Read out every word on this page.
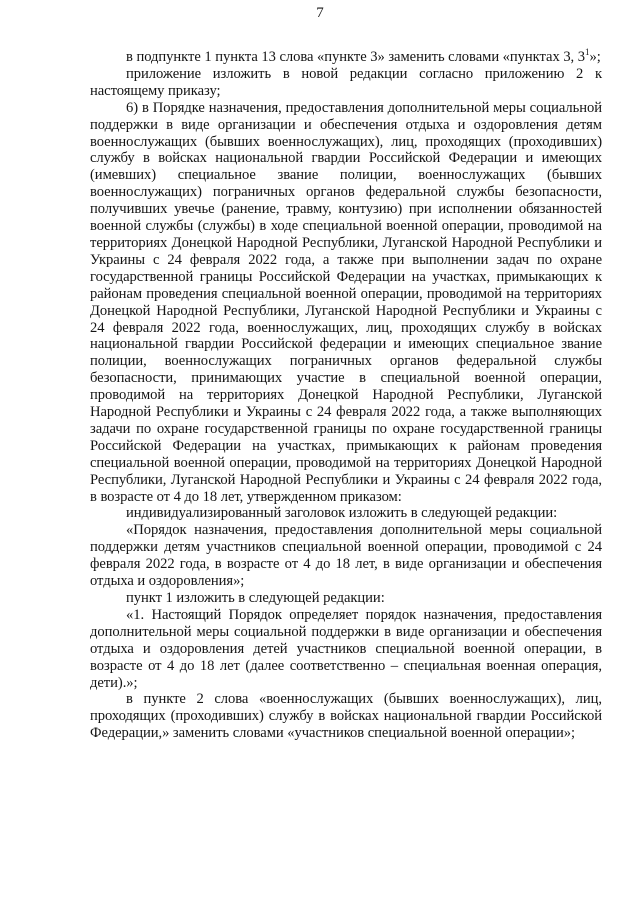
7

в подпункте 1 пункта 13 слова «пункте 3» заменить словами «пунктах 3, $3^1$»;

приложение изложить в новой редакции согласно приложению 2 к настоящему приказу;

6) в Порядке назначения, предоставления дополнительной меры социальной поддержки в виде организации и обеспечения отдыха и оздоровления детям военнослужащих (бывших военнослужащих), лиц, проходящих (проходивших) службу в войсках национальной гвардии Российской Федерации и имеющих (имевших) специальное звание полиции, военнослужащих (бывших военнослужащих) пограничных органов федеральной службы безопасности, получивших увечье (ранение, травму, контузию) при исполнении обязанностей военной службы (службы) в ходе специальной военной операции, проводимой на территориях Донецкой Народной Республики, Луганской Народной Республики и Украины с 24 февраля 2022 года, а также при выполнении задач по охране государственной границы Российской Федерации на участках, примыкающих к районам проведения специальной военной операции, проводимой на территориях Донецкой Народной Республики, Луганской Народной Республики и Украины с 24 февраля 2022 года, военнослужащих, лиц, проходящих службу в войсках национальной гвардии Российской федерации и имеющих специальное звание полиции, военнослужащих пограничных органов федеральной службы безопасности, принимающих участие в специальной военной операции, проводимой на территориях Донецкой Народной Республики, Луганской Народной Республики и Украины с 24 февраля 2022 года, а также выполняющих задачи по охране государственной границы по охране государственной границы Российской Федерации на участках, примыкающих к районам проведения специальной военной операции, проводимой на территориях Донецкой Народной Республики, Луганской Народной Республики и Украины с 24 февраля 2022 года, в возрасте от 4 до 18 лет, утвержденном приказом:

индивидуализированный заголовок изложить в следующей редакции:

«Порядок назначения, предоставления дополнительной меры социальной поддержки детям участников специальной военной операции, проводимой с 24 февраля 2022 года, в возрасте от 4 до 18 лет, в виде организации и обеспечения отдыха и оздоровления»;

пункт 1 изложить в следующей редакции:

«1. Настоящий Порядок определяет порядок назначения, предоставления дополнительной меры социальной поддержки в виде организации и обеспечения отдыха и оздоровления детей участников специальной военной операции, в возрасте от 4 до 18 лет (далее соответственно – специальная военная операция, дети).»;

в пункте 2 слова «военнослужащих (бывших военнослужащих), лиц, проходящих (проходивших) службу в войсках национальной гвардии Российской Федерации,» заменить словами «участников специальной военной операции»;
